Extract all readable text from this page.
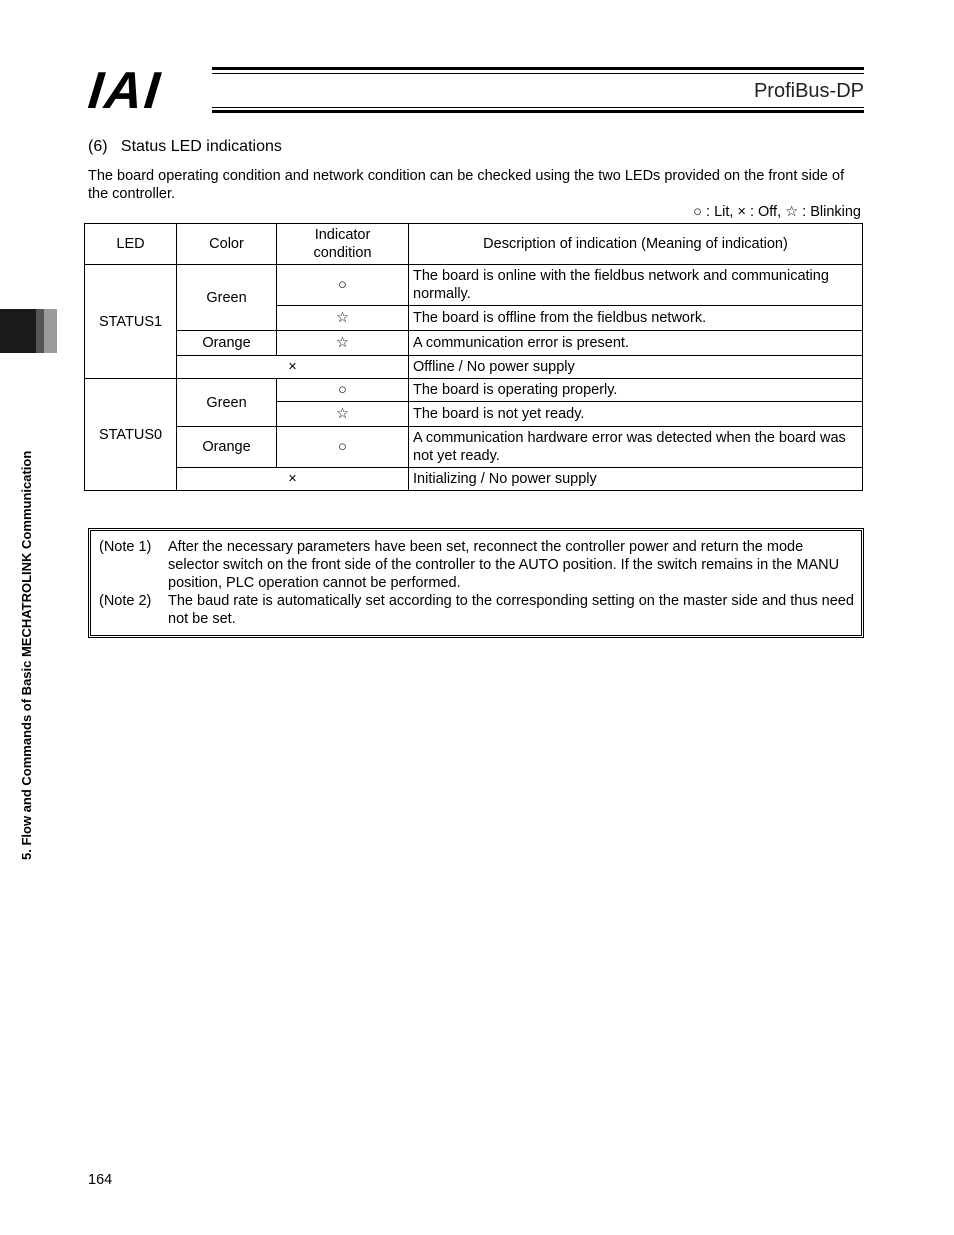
IAI	ProfiBus-DP
5. Flow and Commands of Basic MECHATROLINK Communication
(6)   Status LED indications
The board operating condition and network condition can be checked using the two LEDs provided on the front side of the controller.
○ : Lit, × : Off, ☆ : Blinking
LED	Color	Indicator condition	Description of indication (Meaning of indication)
STATUS1	Green	○	The board is online with the fieldbus network and communicating normally.
		☆	The board is offline from the fieldbus network.
	Orange	☆	A communication error is present.
	×		Offline / No power supply
STATUS0	Green	○	The board is operating properly.
		☆	The board is not yet ready.
	Orange	○	A communication hardware error was detected when the board was not yet ready.
	×		Initializing / No power supply
(Note 1)	After the necessary parameters have been set, reconnect the controller power and return the mode selector switch on the front side of the controller to the AUTO position. If the switch remains in the MANU position, PLC operation cannot be performed.
(Note 2)	The baud rate is automatically set according to the corresponding setting on the master side and thus need not be set.
164
